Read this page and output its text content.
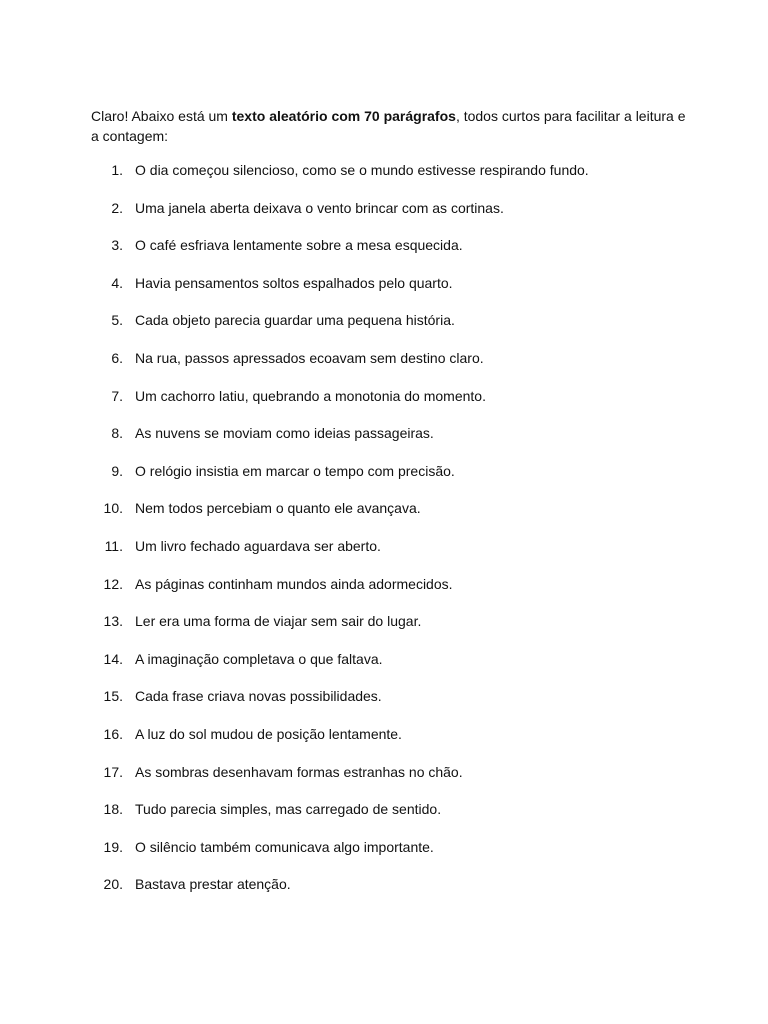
Claro! Abaixo está um texto aleatório com 70 parágrafos, todos curtos para facilitar a leitura e a contagem:

1. O dia começou silencioso, como se o mundo estivesse respirando fundo.
2. Uma janela aberta deixava o vento brincar com as cortinas.
3. O café esfriava lentamente sobre a mesa esquecida.
4. Havia pensamentos soltos espalhados pelo quarto.
5. Cada objeto parecia guardar uma pequena história.
6. Na rua, passos apressados ecoavam sem destino claro.
7. Um cachorro latiu, quebrando a monotonia do momento.
8. As nuvens se moviam como ideias passageiras.
9. O relógio insistia em marcar o tempo com precisão.
10. Nem todos percebiam o quanto ele avançava.
11. Um livro fechado aguardava ser aberto.
12. As páginas continham mundos ainda adormecidos.
13. Ler era uma forma de viajar sem sair do lugar.
14. A imaginação completava o que faltava.
15. Cada frase criava novas possibilidades.
16. A luz do sol mudou de posição lentamente.
17. As sombras desenhavam formas estranhas no chão.
18. Tudo parecia simples, mas carregado de sentido.
19. O silêncio também comunicava algo importante.
20. Bastava prestar atenção.
